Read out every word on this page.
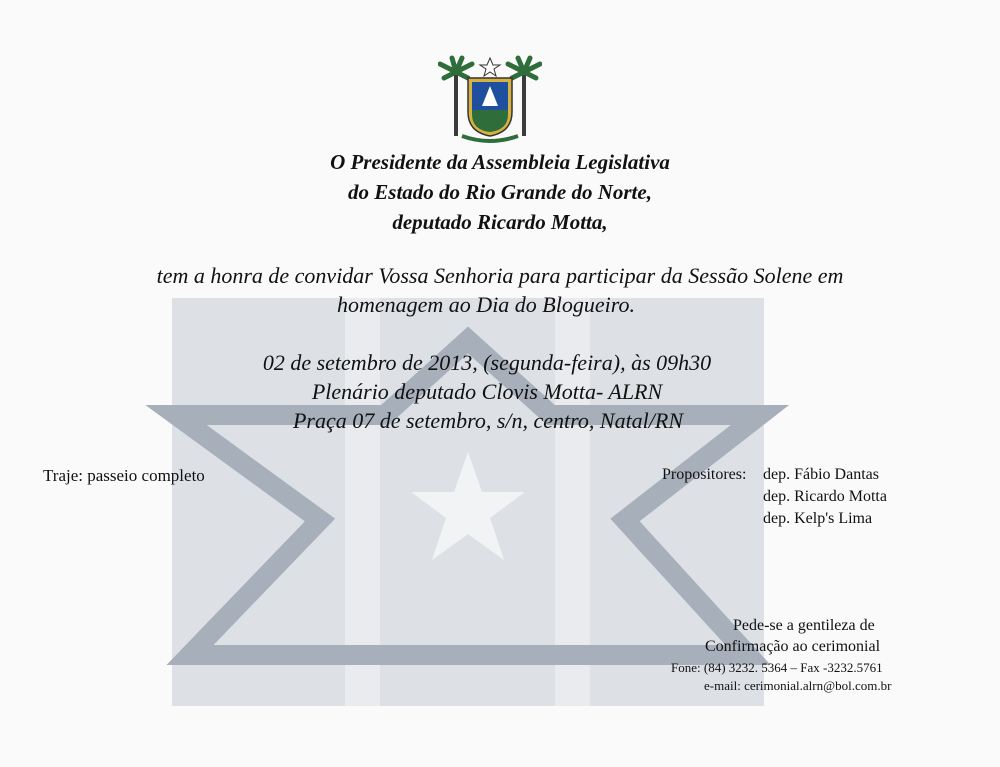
O Presidente da Assembleia Legislativa
do Estado do Rio Grande do Norte,
deputado Ricardo Motta,
tem a honra de convidar Vossa Senhoria para participar da Sessão Solene em
homenagem ao Dia do Blogueiro.
02 de setembro de 2013, (segunda-feira), às 09h30
Plenário deputado Clovis Motta- ALRN
Praça 07 de setembro, s/n, centro, Natal/RN
Traje: passeio completo	Propositores: dep. Fábio Dantas
dep. Ricardo Motta
dep. Kelp's Lima
Pede-se a gentileza de
Confirmação ao cerimonial
Fone: (84) 3232. 5364 – Fax -3232.5761
e-mail: cerimonial.alrn@bol.com.br
